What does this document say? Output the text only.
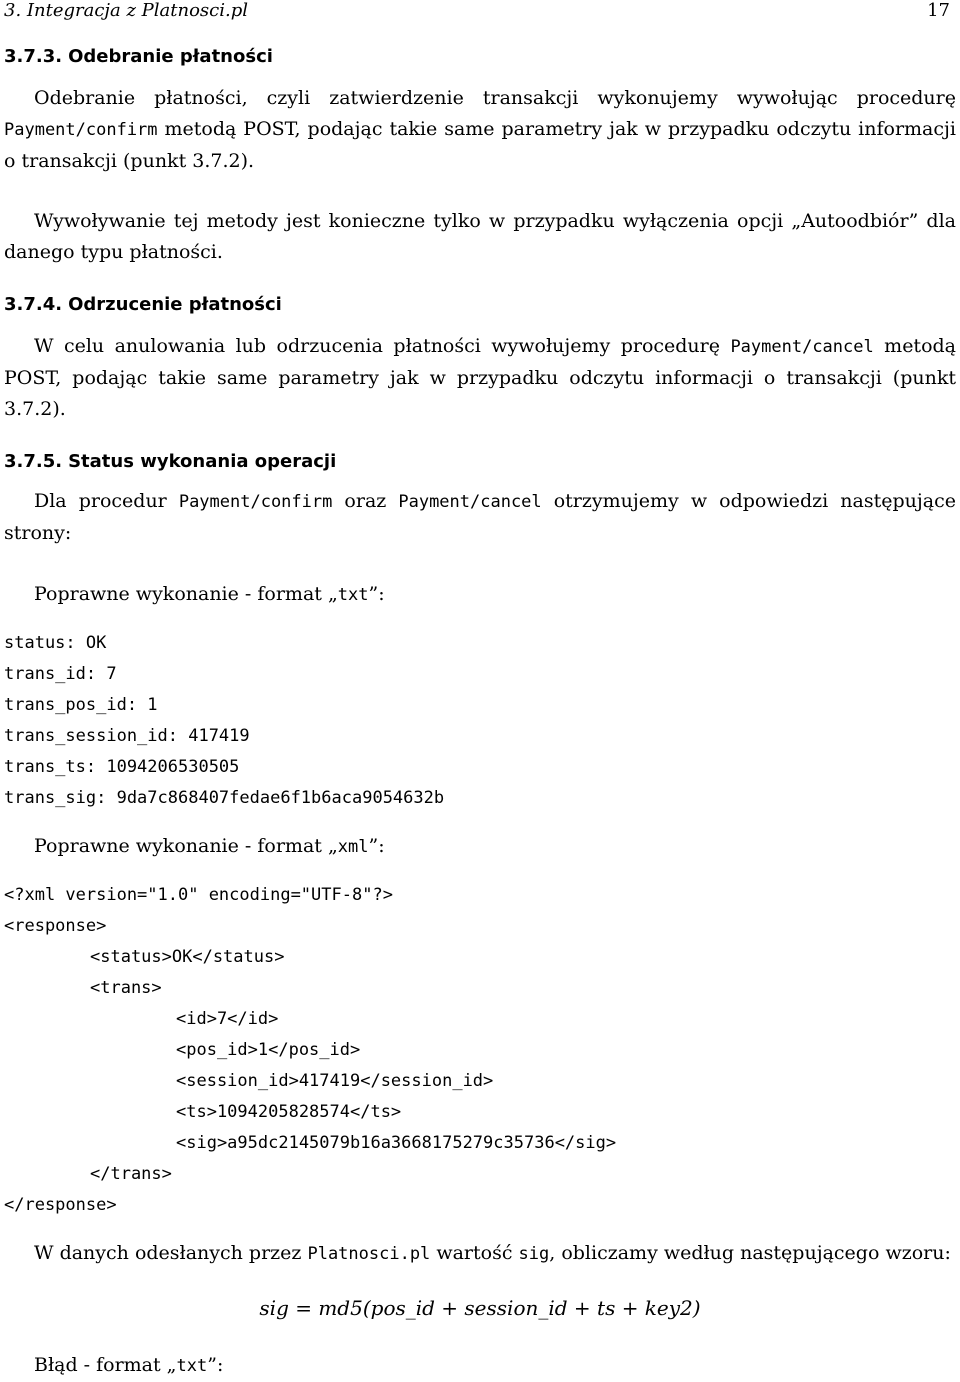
3. Integracja z Platnosci.pl	17
3.7.3. Odebranie płatności

Odebranie płatności, czyli zatwierdzenie transakcji wykonujemy wywołując procedurę Payment/confirm metodą POST, podając takie same parametry jak w przypadku odczytu informacji o transakcji (punkt 3.7.2).

Wywoływanie tej metody jest konieczne tylko w przypadku wyłączenia opcji „Autoodbiór” dla danego typu płatności.

3.7.4. Odrzucenie płatności

W celu anulowania lub odrzucenia płatności wywołujemy procedurę Payment/cancel metodą POST, podając takie same parametry jak w przypadku odczytu informacji o transakcji (punkt 3.7.2).

3.7.5. Status wykonania operacji

Dla procedur Payment/confirm oraz Payment/cancel otrzymujemy w odpowiedzi następujące strony:

Poprawne wykonanie - format „txt”:

status: OK
trans_id: 7
trans_pos_id: 1
trans_session_id: 417419
trans_ts: 1094206530505
trans_sig: 9da7c868407fedae6f1b6aca9054632b

Poprawne wykonanie - format „xml”:

<?xml version="1.0" encoding="UTF-8"?>
<response>
<status>OK</status>
<trans>
<id>7</id>
<pos_id>1</pos_id>
<session_id>417419</session_id>
<ts>1094205828574</ts>
<sig>a95dc2145079b16a3668175279c35736</sig>
</trans>
</response>

W danych odesłanych przez Platnosci.pl wartość sig, obliczamy według następującego wzoru:

sig = md5(pos_id + session_id + ts + key2)

Błąd - format „txt”:
